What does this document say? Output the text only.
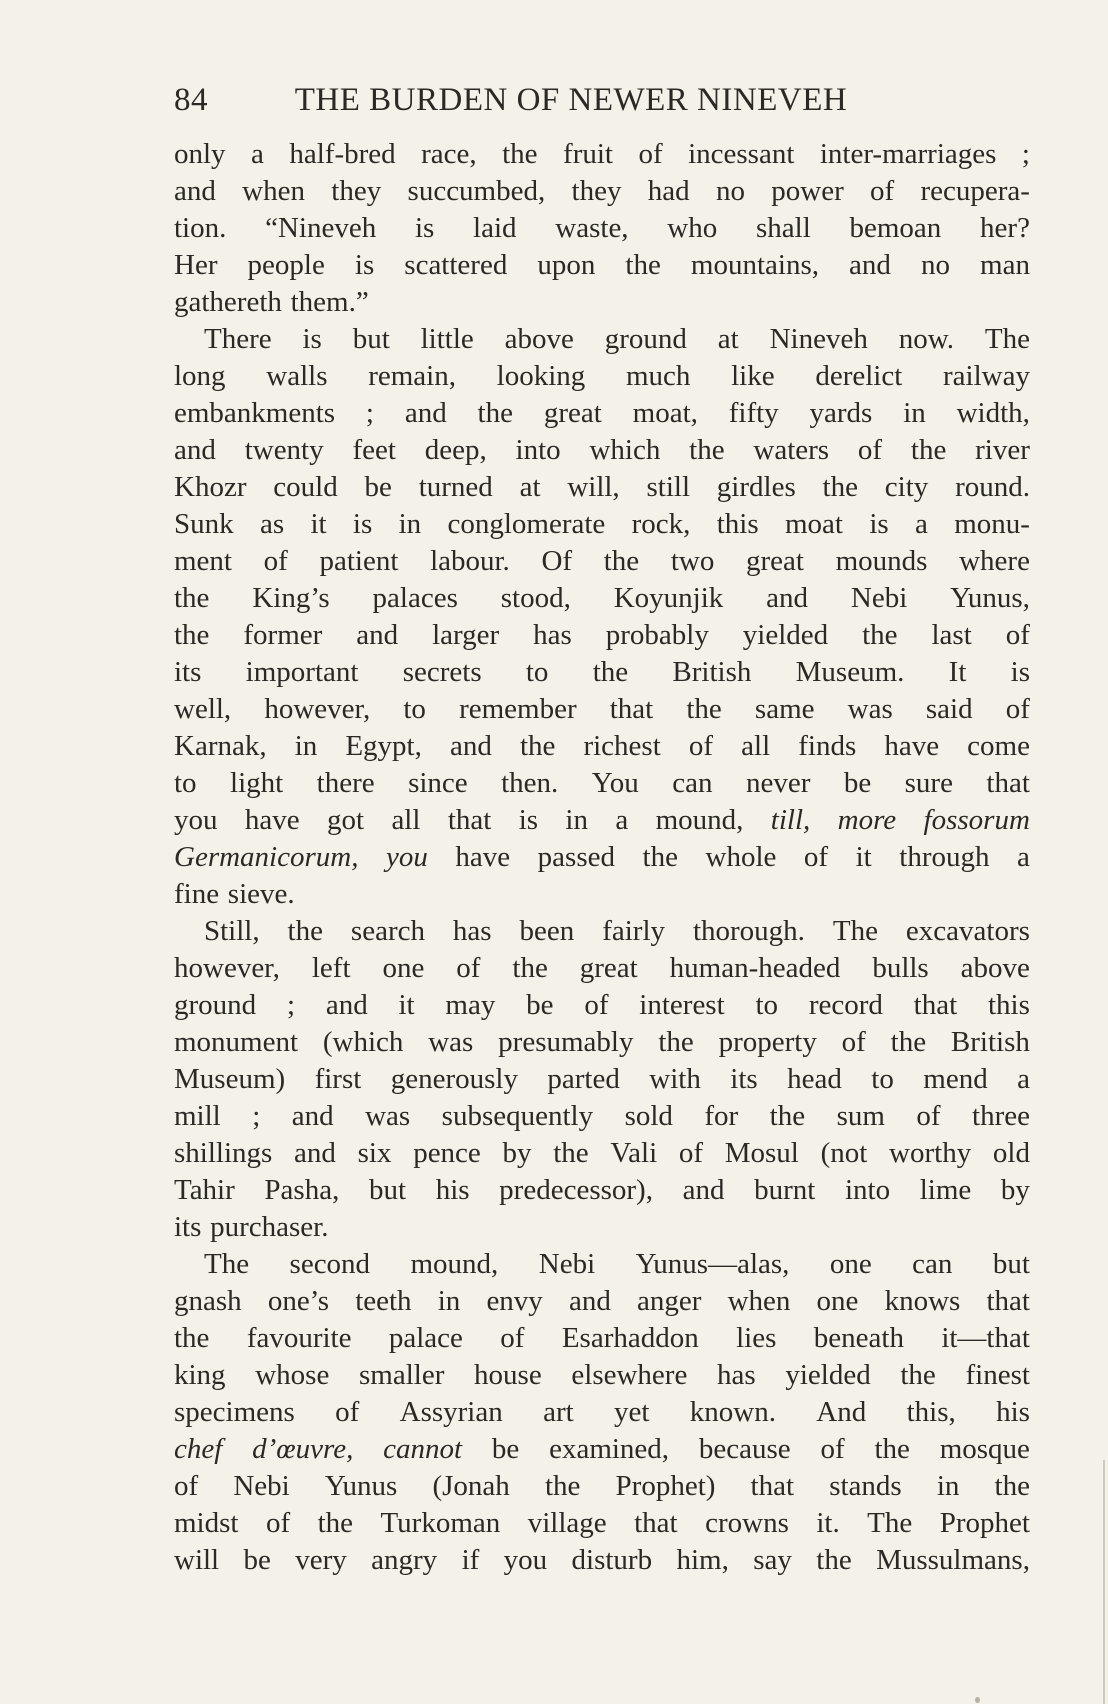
84	THE BURDEN OF NEWER NINEVEH
only a half-bred race, the fruit of incessant inter-marriages ;
and when they succumbed, they had no power of recupera-
tion. “Nineveh is laid waste, who shall bemoan her?
Her people is scattered upon the mountains, and no man
gathereth them.”
There is but little above ground at Nineveh now. The
long walls remain, looking much like derelict railway
embankments ; and the great moat, fifty yards in width,
and twenty feet deep, into which the waters of the river
Khozr could be turned at will, still girdles the city round.
Sunk as it is in conglomerate rock, this moat is a monu-
ment of patient labour. Of the two great mounds where
the King’s palaces stood, Koyunjik and Nebi Yunus,
the former and larger has probably yielded the last of
its important secrets to the British Museum. It is
well, however, to remember that the same was said of
Karnak, in Egypt, and the richest of all finds have come
to light there since then. You can never be sure that
you have got all that is in a mound, till, more fossorum
Germanicorum, you have passed the whole of it through a
fine sieve.
Still, the search has been fairly thorough. The excavators
however, left one of the great human-headed bulls above
ground ; and it may be of interest to record that this
monument (which was presumably the property of the British
Museum) first generously parted with its head to mend a
mill ; and was subsequently sold for the sum of three
shillings and six pence by the Vali of Mosul (not worthy old
Tahir Pasha, but his predecessor), and burnt into lime by
its purchaser.
The second mound, Nebi Yunus—alas, one can but
gnash one’s teeth in envy and anger when one knows that
the favourite palace of Esarhaddon lies beneath it—that
king whose smaller house elsewhere has yielded the finest
specimens of Assyrian art yet known. And this, his
chef d’œuvre, cannot be examined, because of the mosque
of Nebi Yunus (Jonah the Prophet) that stands in the
midst of the Turkoman village that crowns it. The Prophet
will be very angry if you disturb him, say the Mussulmans,
